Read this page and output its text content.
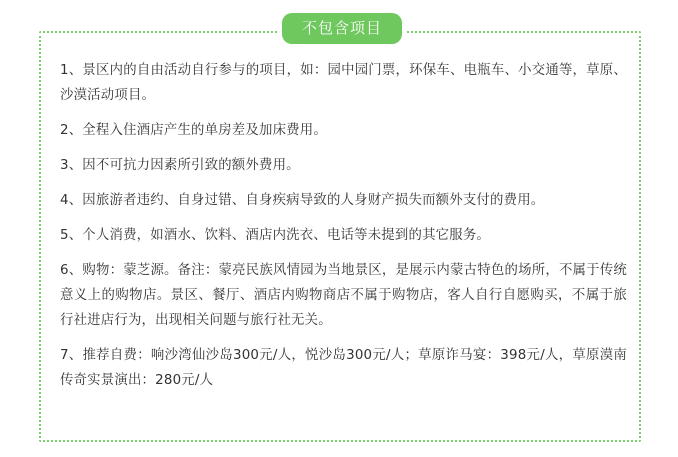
不包含项目
1、景区内的自由活动自行参与的项目，如：园中园门票，环保车、电瓶车、小交通等，草原、沙漠活动项目。
2、全程入住酒店产生的单房差及加床费用。
3、因不可抗力因素所引致的额外费用。
4、因旅游者违约、自身过错、自身疾病导致的人身财产损失而额外支付的费用。
5、个人消费，如酒水、饮料、酒店内洗衣、电话等未提到的其它服务。
6、购物：蒙芝源。备注：蒙亮民族风情园为当地景区，是展示内蒙古特色的场所，不属于传统意义上的购物店。景区、餐厅、酒店内购物商店不属于购物店，客人自行自愿购买，不属于旅行社进店行为，出现相关问题与旅行社无关。
7、推荐自费：响沙湾仙沙岛300元/人，悦沙岛300元/人；草原诈马宴：398元/人，草原漠南传奇实景演出：280元/人
